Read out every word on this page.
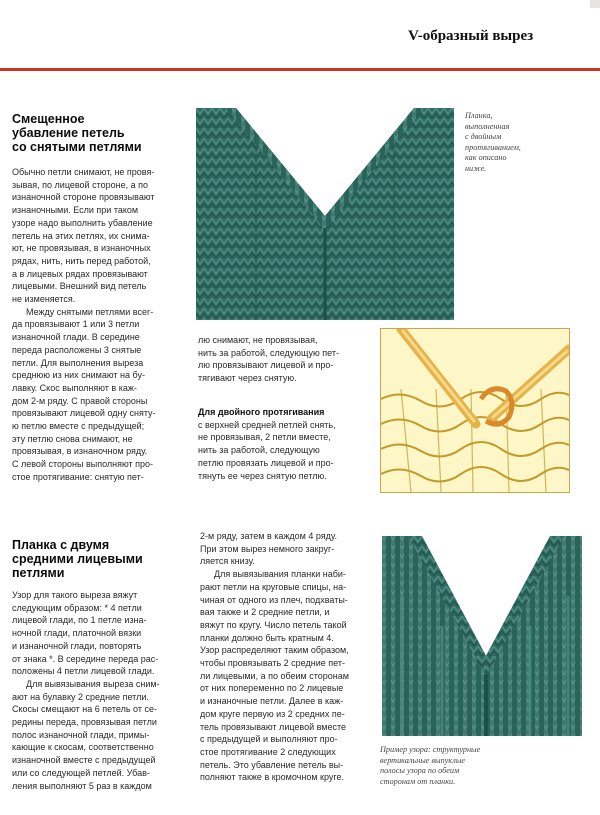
V-образный вырез
Смещенное
убавление петель
со снятыми петлями

Обычно петли снимают, не провя-

зывая, по лицевой стороне, а по

изнаночной стороне провязывают

изнаночными. Если при таком

узоре надо выполнить убавление

петель на этих петлях, их снима-

ют, не провязывая, в изнаночных

рядах, нить, нить перед работой,

а в лицевых рядах провязывают

лицевыми. Внешний вид петель

не изменяется.

Между снятыми петлями всег-

да провязывают 1 или 3 петли

изнаночной глади. В середине

переда расположены 3 снятые

петли. Для выполнения выреза

среднюю из них снимают на бу-

лавку. Скос выполняют в каж-

дом 2-м ряду. С правой стороны

провязывают лицевой одну сняту-

ю петлю вместе с предыдущей;

эту петлю снова снимают, не

провязывая, в изнаночном ряду.

С левой стороны выполняют про-

стое протягивание: снятую пет-

Планка,
выполненная
с двойным
протягиванием,
как описано
ниже.

лю снимают, не провязывая,

нить за работой, следующую пет-

лю провязывают лицевой и про-

тягивают через снятую.

Для двойного протягивания

с верхней средней петлей снять,

не провязывая, 2 петли вместе,

нить за работой, следующую

петлю провязать лицевой и про-

тянуть ее через снятую петлю.

Планка с двумя
средними лицевыми
петлями

Узор для такого выреза вяжут

следующим образом: * 4 петли

лицевой глади, по 1 петле изна-

ночной глади, платочной вязки

и изнаночной глади, повторять

от знака *. В середине переда рас-

положены 4 петли лицевой глади.

Для вывязывания выреза сним-

ают на булавку 2 средние петли.

Скосы смещают на 6 петель от се-

редины переда, провязывая петли

полос изнаночной глади, примы-

кающие к скосам, соответственно

изнаночной вместе с предыдущей

или со следующей петлей. Убав-

ления выполняют 5 раз в каждом

2-м ряду, затем в каждом 4 ряду.

При этом вырез немного закруг-

ляется книзу.

Для вывязывания планки наби-

рают петли на круговые спицы, на-

чиная от одного из плеч, подхваты-

вая также и 2 средние петли, и

вяжут по кругу. Число петель такой

планки должно быть кратным 4.

Узор распределяют таким образом,

чтобы провязывать 2 средние пет-

ли лицевыми, а по обеим сторонам

от них попеременно по 2 лицевые

и изнаночные петли. Далее в каж-

дом круге первую из 2 средних пе-

тель провязывают лицевой вместе

с предыдущей и выполняют про-

стое протягивание 2 следующих

петель. Это убавление петель вы-

полняют также в кромочном круге.

Пример узора: структурные
вертикальные выпуклые
полосы узора по обеим
сторонам от планки.
